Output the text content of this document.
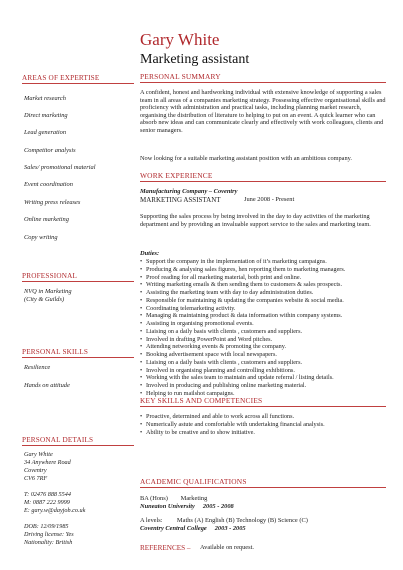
Gary White
Marketing assistant
AREAS OF EXPERTISE
Market research
Direct marketing
Lead generation
Competitor analysis
Sales/ promotional material
Event coordination
Writing press releases
Online marketing
Copy writing
PROFESSIONAL
NVQ in Marketing
(City & Guilds)
PERSONAL SKILLS
Resilience
Hands on attitude
PERSONAL DETAILS
Gary White
34 Anywhere Road
Coventry
CV6 7RF
T: 02476 888 5544
M: 0887 222 9999
E: gary.w@dayjob.co.uk
DOB: 12/09/1985
Driving license: Yes
Nationality: British
PERSONAL SUMMARY
A confident, honest and hardworking individual with extensive knowledge of supporting a sales team in all areas of a companies marketing strategy. Possessing effective organisational skills and proficiency with administration and practical tasks, including planning market research, organising the distribution of literature to helping to put on an event. A quick learner who can absorb new ideas and can communicate clearly and effectively with work colleagues, clients and senior managers.
Now looking for a suitable marketing assistant position with an ambitious company.
WORK EXPERIENCE
Manufacturing Company – Coventry
MARKETING ASSISTANT	June 2008 - Present
Supporting the sales process by being involved in the day to day activities of the marketing department and by providing an invaluable support service to the sales and marketing team.
Duties:
• Support the company in the implementation of it’s marketing campaigns.
• Producing & analysing sales figures, hen reporting them to marketing managers.
• Proof reading for all marketing material, both print and online.
• Writing marketing emails & then sending them to customers & sales prospects.
• Assisting the marketing team with day to day administration duties.
• Responsible for maintaining & updating the companies website & social media.
• Coordinating telemarketing activity.
• Managing & maintaining product & data information within company systems.
• Assisting in organising promotional events.
• Liaising on a daily basis with clients , customers and suppliers.
• Involved in drafting PowerPoint and Word pitches.
• Attending networking events & promoting the company.
• Booking advertisement space with local newspapers.
• Liaising on a daily basis with clients , customers and suppliers.
• Involved in organising planning and controlling exhibitions.
• Working with the sales team to maintain and update referral / listing details.
• Involved in producing and publishing online marketing material.
• Helping to run mailshot campaigns.
KEY SKILLS AND COMPETENCIES
• Proactive, determined and able to work across all functions.
• Numerically astute and comfortable with undertaking financial analysis.
• Ability to be creative and to show initiative.
ACADEMIC QUALIFICATIONS
BA (Hons)        Marketing
Nuneaton University     2005 - 2008
A levels:         Maths (A) English (B) Technology (B) Science (C)
Coventry Central College     2003 - 2005
REFERENCES – Available on request.
